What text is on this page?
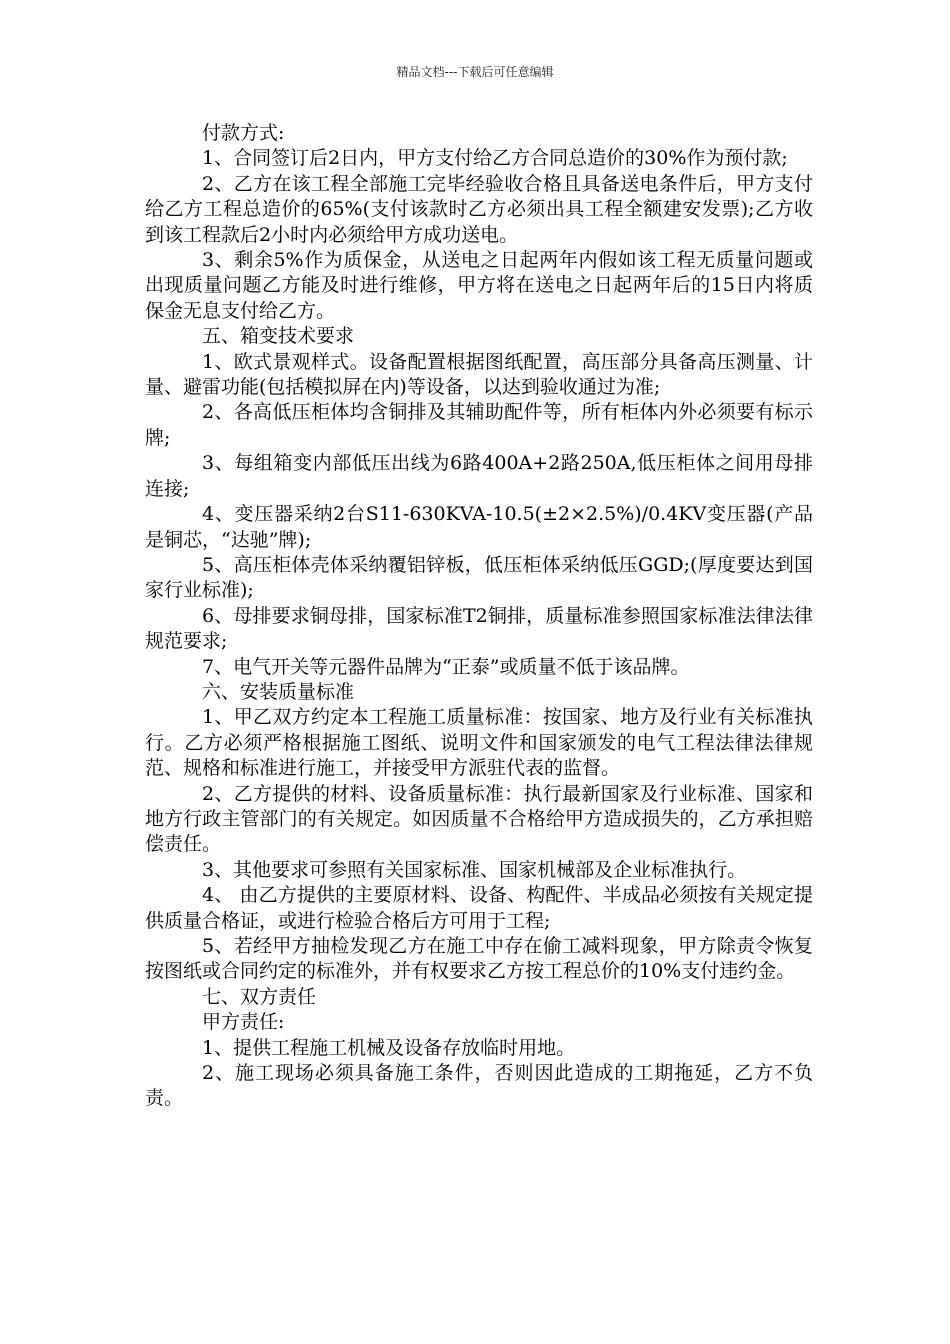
精品文档---下载后可任意编辑

付款方式:

1、合同签订后2日内，甲方支付给乙方合同总造价的30%作为预付款;

2、乙方在该工程全部施工完毕经验收合格且具备送电条件后，甲方支付给乙方工程总造价的65%(支付该款时乙方必须出具工程全额建安发票);乙方收到该工程款后2小时内必须给甲方成功送电。

3、剩余5%作为质保金，从送电之日起两年内假如该工程无质量问题或出现质量问题乙方能及时进行维修，甲方将在送电之日起两年后的15日内将质保金无息支付给乙方。

五、箱变技术要求

1、欧式景观样式。设备配置根据图纸配置，高压部分具备高压测量、计量、避雷功能(包括模拟屏在内)等设备，以达到验收通过为准;

2、各高低压柜体均含铜排及其辅助配件等，所有柜体内外必须要有标示牌;

3、每组箱变内部低压出线为6路400A+2路250A,低压柜体之间用母排连接;

4、变压器采纳2台S11-630KVA-10.5(±2×2.5%)/0.4KV变压器(产品是铜芯，“达驰”牌);

5、高压柜体壳体采纳覆铝锌板，低压柜体采纳低压GGD;(厚度要达到国家行业标准);

6、母排要求铜母排，国家标准T2铜排，质量标准参照国家标准法律法律规范要求;

7、电气开关等元器件品牌为“正泰”或质量不低于该品牌。

六、安装质量标准

1、甲乙双方约定本工程施工质量标准：按国家、地方及行业有关标准执行。乙方必须严格根据施工图纸、说明文件和国家颁发的电气工程法律法律规范、规格和标准进行施工，并接受甲方派驻代表的监督。

2、乙方提供的材料、设备质量标准：执行最新国家及行业标准、国家和地方行政主管部门的有关规定。如因质量不合格给甲方造成损失的，乙方承担赔偿责任。

3、其他要求可参照有关国家标准、国家机械部及企业标准执行。

4、 由乙方提供的主要原材料、设备、构配件、半成品必须按有关规定提供质量合格证，或进行检验合格后方可用于工程;

5、若经甲方抽检发现乙方在施工中存在偷工减料现象，甲方除责令恢复按图纸或合同约定的标准外，并有权要求乙方按工程总价的10%支付违约金。

七、双方责任

甲方责任:

1、提供工程施工机械及设备存放临时用地。

2、施工现场必须具备施工条件，否则因此造成的工期拖延，乙方不负责。
